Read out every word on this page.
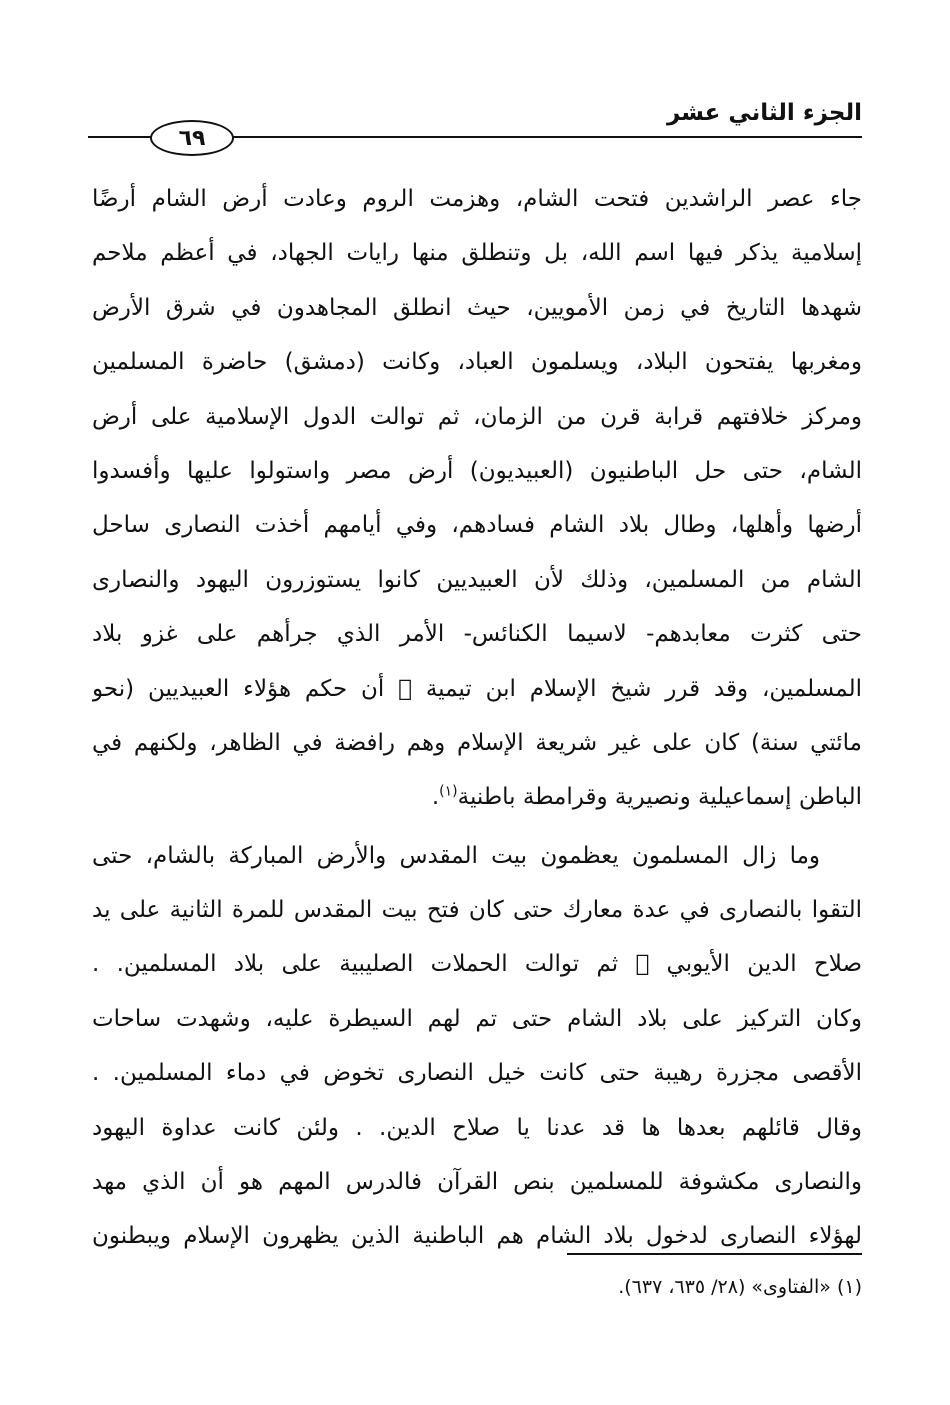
الجزء الثاني عشر
٦٩
جاء عصر الراشدين فتحت الشام، وهزمت الروم وعادت أرض الشام أرضًا
إسلامية يذكر فيها اسم الله، بل وتنطلق منها رايات الجهاد، في أعظم ملاحم
شهدها التاريخ في زمن الأمويين، حيث انطلق المجاهدون في شرق الأرض
ومغربها يفتحون البلاد، ويسلمون العباد، وكانت (دمشق) حاضرة المسلمين
ومركز خلافتهم قرابة قرن من الزمان، ثم توالت الدول الإسلامية على أرض
الشام، حتى حل الباطنيون (العبيديون) أرض مصر واستولوا عليها وأفسدوا
أرضها وأهلها، وطال بلاد الشام فسادهم، وفي أيامهم أخذت النصارى ساحل
الشام من المسلمين، وذلك لأن العبيديين كانوا يستوزرون اليهود والنصارى
حتى كثرت معابدهم- لاسيما الكنائس- الأمر الذي جرأهم على غزو بلاد
المسلمين، وقد قرر شيخ الإسلام ابن تيمية ﷫ أن حكم هؤلاء العبيديين (نحو
مائتي سنة) كان على غير شريعة الإسلام وهم رافضة في الظاهر، ولكنهم في
الباطن إسماعيلية ونصيرية وقرامطة باطنية$^{(١)}$.
وما زال المسلمون يعظمون بيت المقدس والأرض المباركة بالشام، حتى
التقوا بالنصارى في عدة معارك حتى كان فتح بيت المقدس للمرة الثانية على يد
صلاح الدين الأيوبي ﷫ ثم توالت الحملات الصليبية على بلاد المسلمين. .
وكان التركيز على بلاد الشام حتى تم لهم السيطرة عليه، وشهدت ساحات
الأقصى مجزرة رهيبة حتى كانت خيل النصارى تخوض في دماء المسلمين. .
وقال قائلهم بعدها ها قد عدنا يا صلاح الدين. . ولئن كانت عداوة اليهود
والنصارى مكشوفة للمسلمين بنص القرآن فالدرس المهم هو أن الذي مهد
لهؤلاء النصارى لدخول بلاد الشام هم الباطنية الذين يظهرون الإسلام ويبطنون
(١) «الفتاوى» (٢٨/ ٦٣٥، ٦٣٧).
